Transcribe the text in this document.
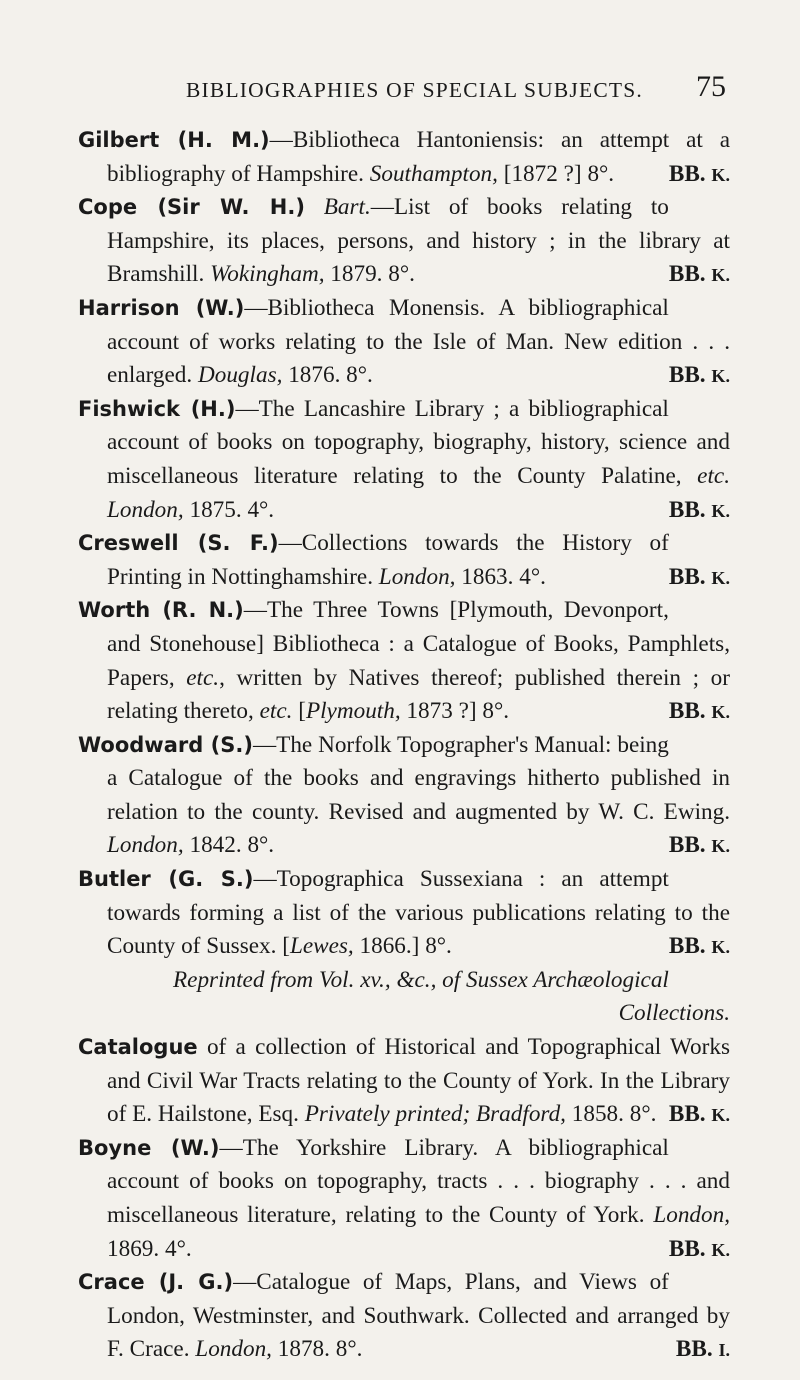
BIBLIOGRAPHIES OF SPECIAL SUBJECTS. 75
Gilbert (H. M.)—Bibliotheca Hantoniensis: an attempt at a bibliography of Hampshire. Southampton, [1872 ?] 8°. BB. K.
Cope (Sir W. H.) Bart.—List of books relating to Hampshire, its places, persons, and history ; in the library at Bramshill. Wokingham, 1879. 8°.	BB. K.
Harrison (W.)—Bibliotheca Monensis. A bibliographical account of works relating to the Isle of Man. New edition . . . enlarged. Douglas, 1876. 8°.	BB. K.
Fishwick (H.)—The Lancashire Library ; a bibliographical account of books on topography, biography, history, science and miscellaneous literature relating to the County Palatine, etc. London, 1875. 4°.	BB. K.
Creswell (S. F.)—Collections towards the History of Printing in Nottinghamshire. London, 1863. 4°.	BB. K.
Worth (R. N.)—The Three Towns [Plymouth, Devonport, and Stonehouse] Bibliotheca : a Catalogue of Books, Pamphlets, Papers, etc., written by Natives thereof; published therein ; or relating thereto, etc. [Plymouth, 1873 ?] 8°.	BB. K.
Woodward (S.)—The Norfolk Topographer's Manual: being a Catalogue of the books and engravings hitherto published in relation to the county. Revised and augmented by W. C. Ewing. London, 1842. 8°.	BB. K.
Butler (G. S.)—Topographica Sussexiana : an attempt towards forming a list of the various publications relating to the County of Sussex. [Lewes, 1866.] 8°.	BB. K.
Reprinted from Vol. xv., &c., of Sussex Archæological Collections.
Catalogue of a collection of Historical and Topographical Works and Civil War Tracts relating to the County of York. In the Library of E. Hailstone, Esq. Privately printed; Bradford, 1858. 8°. BB. K.
Boyne (W.)—The Yorkshire Library. A bibliographical account of books on topography, tracts . . . biography . . . and miscellaneous literature, relating to the County of York. London, 1869. 4°.	BB. K.
Crace (J. G.)—Catalogue of Maps, Plans, and Views of London, Westminster, and Southwark. Collected and arranged by F. Crace. London, 1878. 8°.	BB. I.
